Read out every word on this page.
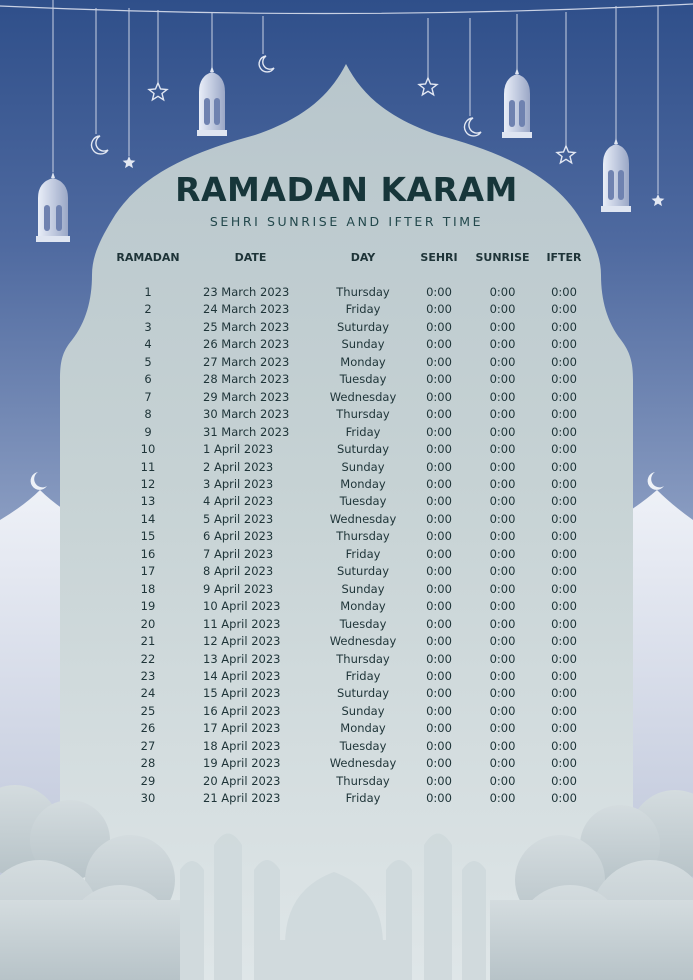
RAMADAN KARAM
SEHRI SUNRISE AND IFTER TIME
RAMADAN	DATE	DAY	SEHRI	SUNRISE	IFTER

1	23 March 2023	Thursday	0:00	0:00	0:00
2	24 March 2023	Friday	0:00	0:00	0:00
3	25 March 2023	Suturday	0:00	0:00	0:00
4	26 March 2023	Sunday	0:00	0:00	0:00
5	27 March 2023	Monday	0:00	0:00	0:00
6	28 March 2023	Tuesday	0:00	0:00	0:00
7	29 March 2023	Wednesday	0:00	0:00	0:00
8	30 March 2023	Thursday	0:00	0:00	0:00
9	31 March 2023	Friday	0:00	0:00	0:00
10	1 April 2023	Suturday	0:00	0:00	0:00
11	2 April 2023	Sunday	0:00	0:00	0:00
12	3 April 2023	Monday	0:00	0:00	0:00
13	4 April 2023	Tuesday	0:00	0:00	0:00
14	5 April 2023	Wednesday	0:00	0:00	0:00
15	6 April 2023	Thursday	0:00	0:00	0:00
16	7 April 2023	Friday	0:00	0:00	0:00
17	8 April 2023	Suturday	0:00	0:00	0:00
18	9 April 2023	Sunday	0:00	0:00	0:00
19	10 April 2023	Monday	0:00	0:00	0:00
20	11 April 2023	Tuesday	0:00	0:00	0:00
21	12 April 2023	Wednesday	0:00	0:00	0:00
22	13 April 2023	Thursday	0:00	0:00	0:00
23	14 April 2023	Friday	0:00	0:00	0:00
24	15 April 2023	Suturday	0:00	0:00	0:00
25	16 April 2023	Sunday	0:00	0:00	0:00
26	17 April 2023	Monday	0:00	0:00	0:00
27	18 April 2023	Tuesday	0:00	0:00	0:00
28	19 April 2023	Wednesday	0:00	0:00	0:00
29	20 April 2023	Thursday	0:00	0:00	0:00
30	21 April 2023	Friday	0:00	0:00	0:00
